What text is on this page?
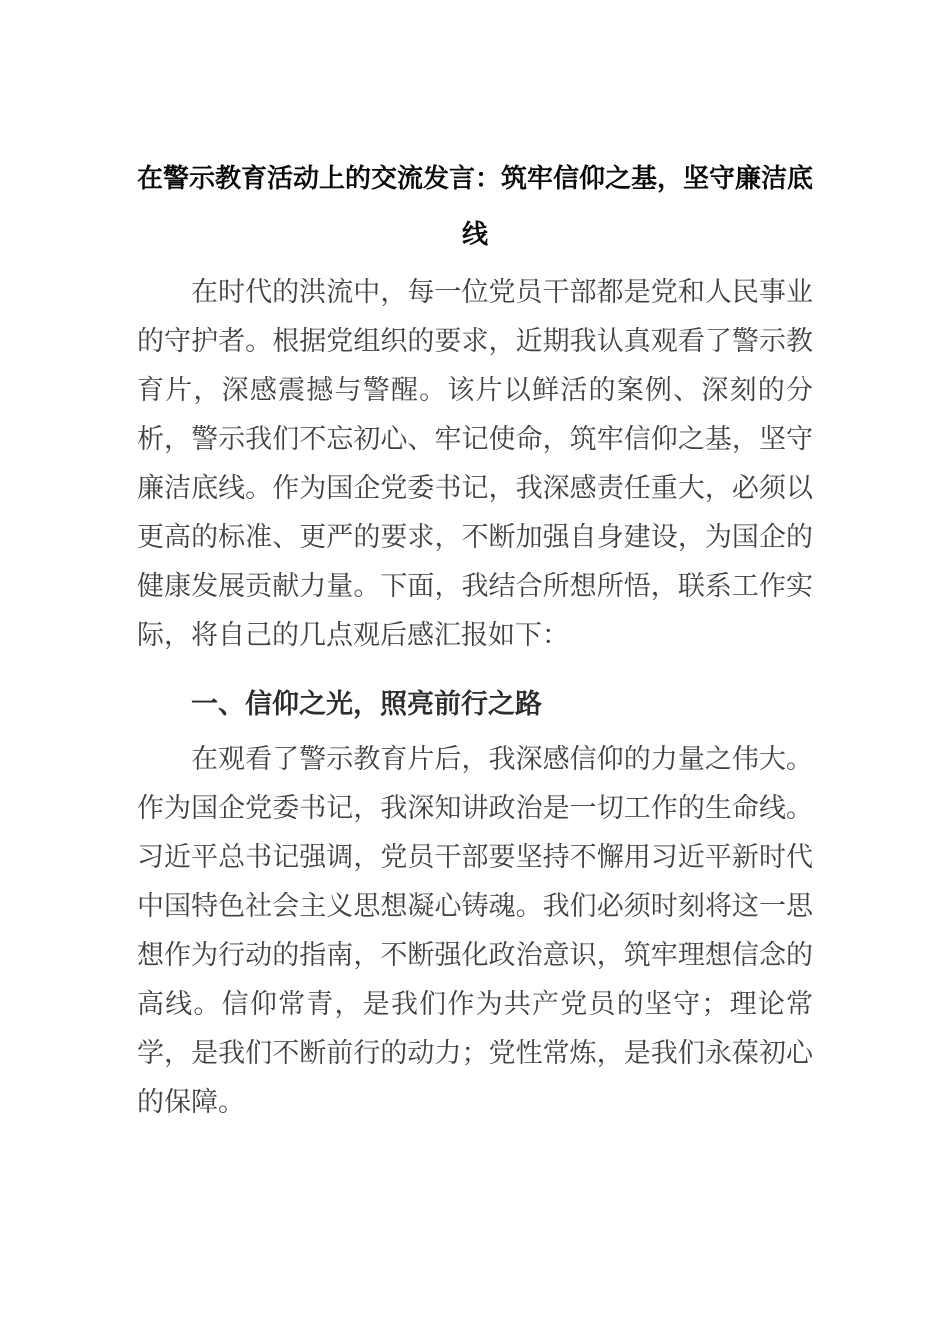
在警示教育活动上的交流发言：筑牢信仰之基，坚守廉洁底线

在时代的洪流中，每一位党员干部都是党和人民事业的守护者。根据党组织的要求，近期我认真观看了警示教育片，深感震撼与警醒。该片以鲜活的案例、深刻的分析，警示我们不忘初心、牢记使命，筑牢信仰之基，坚守廉洁底线。作为国企党委书记，我深感责任重大，必须以更高的标准、更严的要求，不断加强自身建设，为国企的健康发展贡献力量。下面，我结合所想所悟，联系工作实际，将自己的几点观后感汇报如下：

一、信仰之光，照亮前行之路

在观看了警示教育片后，我深感信仰的力量之伟大。作为国企党委书记，我深知讲政治是一切工作的生命线。习近平总书记强调，党员干部要坚持不懈用习近平新时代中国特色社会主义思想凝心铸魂。我们必须时刻将这一思想作为行动的指南，不断强化政治意识，筑牢理想信念的高线。信仰常青，是我们作为共产党员的坚守；理论常学，是我们不断前行的动力；党性常炼，是我们永葆初心的保障。
